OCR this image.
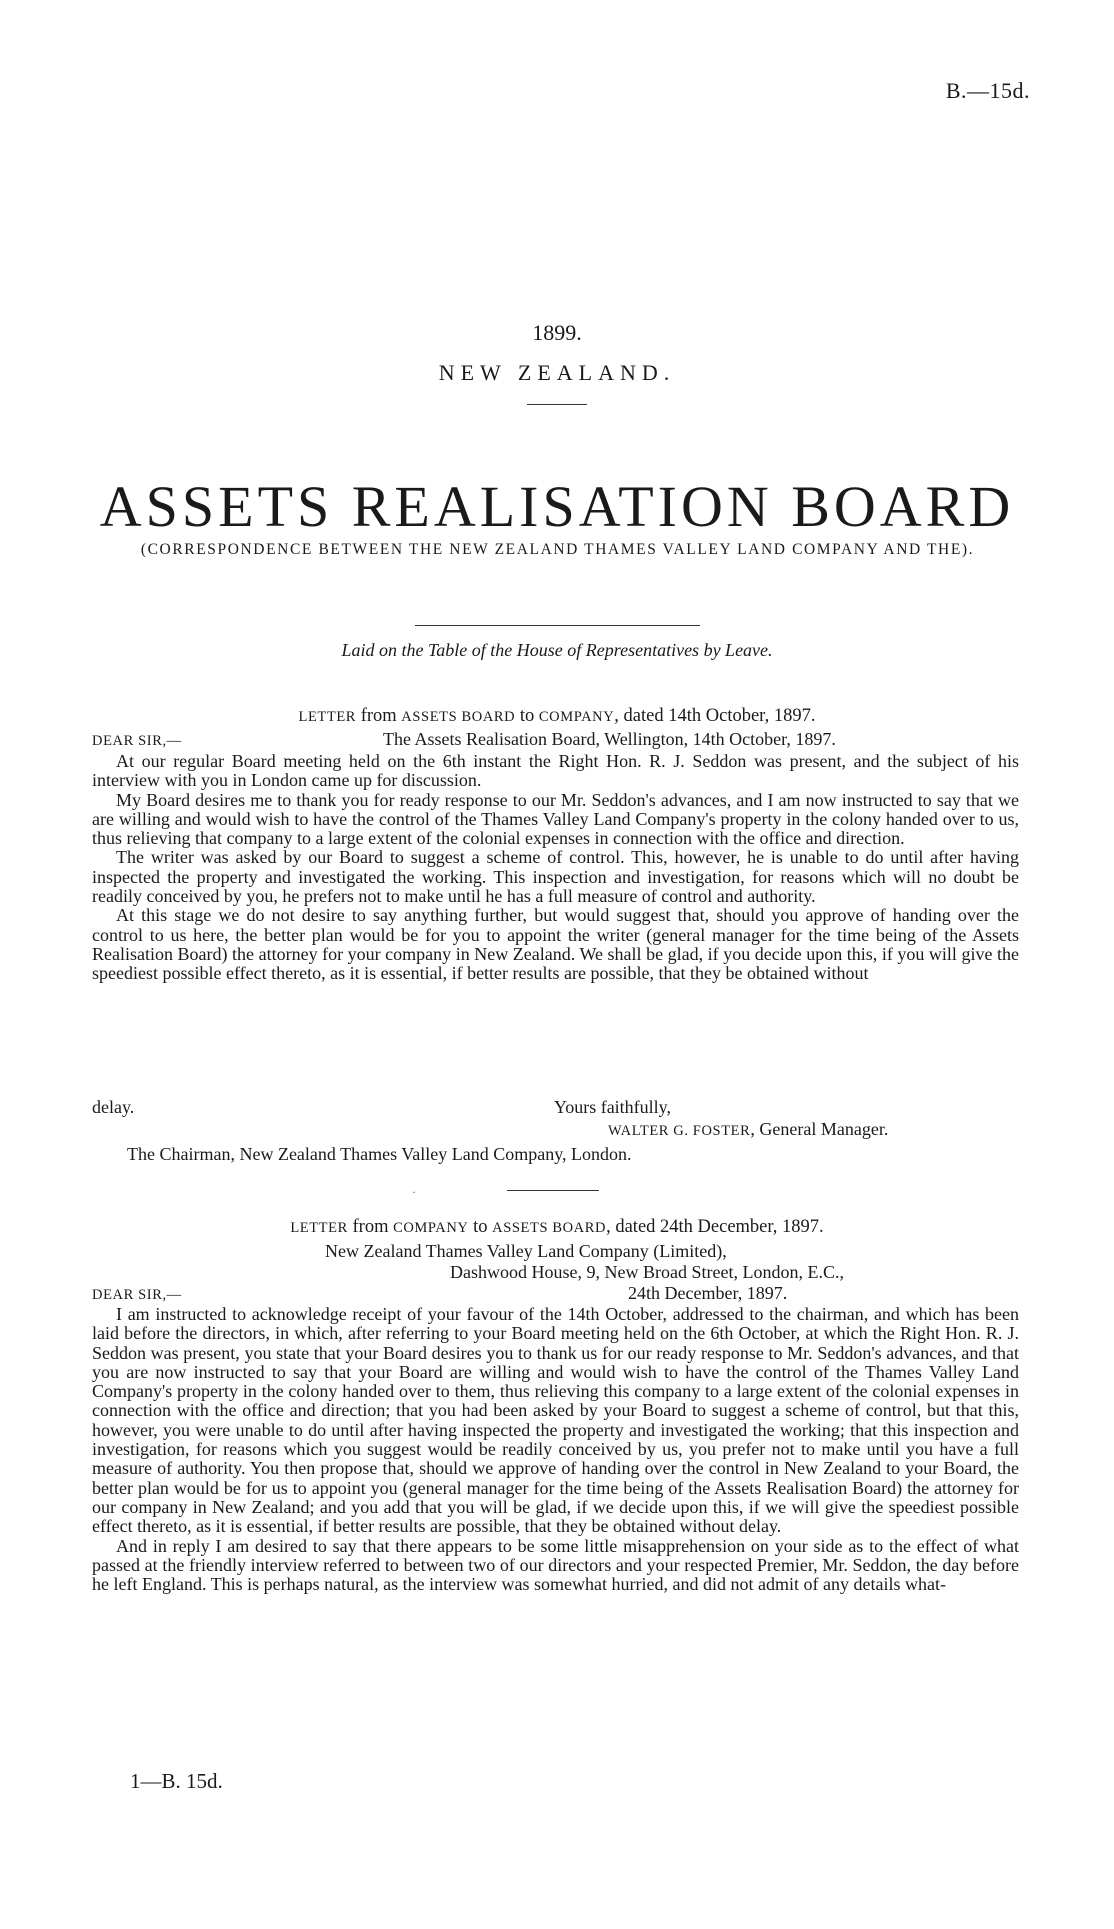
B.—15d.
1899.
NEW ZEALAND.
ASSETS REALISATION BOARD
(CORRESPONDENCE BETWEEN THE NEW ZEALAND THAMES VALLEY LAND COMPANY AND THE).
Laid on the Table of the House of Representatives by Leave.
LETTER from ASSETS BOARD to COMPANY, dated 14th October, 1897.
DEAR SIR,—	The Assets Realisation Board, Wellington, 14th October, 1897.

At our regular Board meeting held on the 6th instant the Right Hon. R. J. Seddon was present, and the subject of his interview with you in London came up for discussion.

My Board desires me to thank you for ready response to our Mr. Seddon's advances, and I am now instructed to say that we are willing and would wish to have the control of the Thames Valley Land Company's property in the colony handed over to us, thus relieving that company to a large extent of the colonial expenses in connection with the office and direction.

The writer was asked by our Board to suggest a scheme of control. This, however, he is unable to do until after having inspected the property and investigated the working. This inspection and investigation, for reasons which will no doubt be readily conceived by you, he prefers not to make until he has a full measure of control and authority.

At this stage we do not desire to say anything further, but would suggest that, should you approve of handing over the control to us here, the better plan would be for you to appoint the writer (general manager for the time being of the Assets Realisation Board) the attorney for your company in New Zealand. We shall be glad, if you decide upon this, if you will give the speediest possible effect thereto, as it is essential, if better results are possible, that they be obtained without

delay.	Yours faithfully,
WALTER G. FOSTER, General Manager.
The Chairman, New Zealand Thames Valley Land Company, London.
·
LETTER from COMPANY to ASSETS BOARD, dated 24th December, 1897.
New Zealand Thames Valley Land Company (Limited),
Dashwood House, 9, New Broad Street, London, E.C.,
DEAR SIR,—	24th December, 1897.

I am instructed to acknowledge receipt of your favour of the 14th October, addressed to the chairman, and which has been laid before the directors, in which, after referring to your Board meeting held on the 6th October, at which the Right Hon. R. J. Seddon was present, you state that your Board desires you to thank us for our ready response to Mr. Seddon's advances, and that you are now instructed to say that your Board are willing and would wish to have the control of the Thames Valley Land Company's property in the colony handed over to them, thus relieving this company to a large extent of the colonial expenses in connection with the office and direction; that you had been asked by your Board to suggest a scheme of control, but that this, however, you were unable to do until after having inspected the property and investigated the working; that this inspection and investigation, for reasons which you suggest would be readily conceived by us, you prefer not to make until you have a full measure of authority. You then propose that, should we approve of handing over the control in New Zealand to your Board, the better plan would be for us to appoint you (general manager for the time being of the Assets Realisation Board) the attorney for our company in New Zealand; and you add that you will be glad, if we decide upon this, if we will give the speediest possible effect thereto, as it is essential, if better results are possible, that they be obtained without delay.

And in reply I am desired to say that there appears to be some little misapprehension on your side as to the effect of what passed at the friendly interview referred to between two of our directors and your respected Premier, Mr. Seddon, the day before he left England. This is perhaps natural, as the interview was somewhat hurried, and did not admit of any details what-

1—B. 15d.
